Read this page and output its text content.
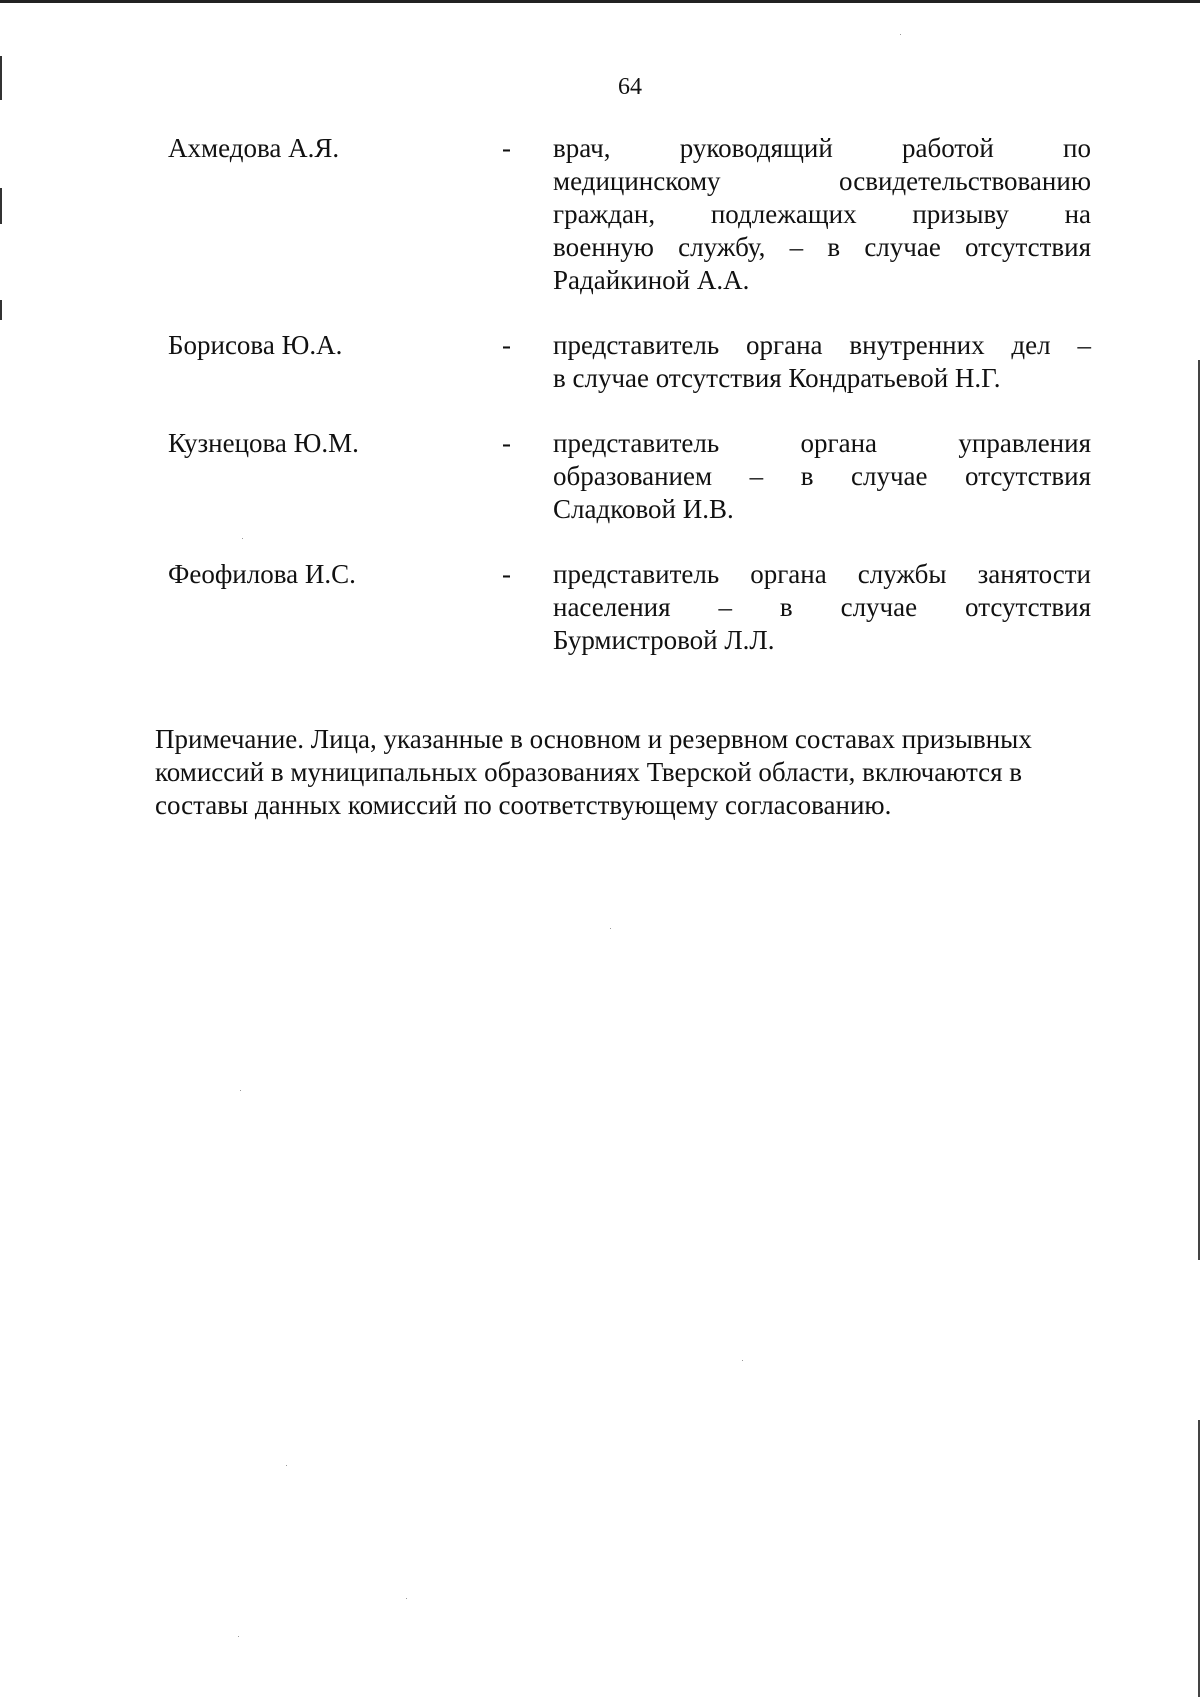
64
Ахмедова А.Я.	- врач, руководящий работой по
медицинскому освидетельствованию
граждан, подлежащих призыву на
военную службу, – в случае отсутствия
Радайкиной А.А.
Борисова Ю.А.	- представитель органа внутренних дел –
в случае отсутствия Кондратьевой Н.Г.
Кузнецова Ю.М.	- представитель органа управления
образованием – в случае отсутствия
Сладковой И.В.
Феофилова И.С.	- представитель органа службы занятости
населения – в случае отсутствия
Бурмистровой Л.Л.
Примечание. Лица, указанные в основном и резервном составах призывных
комиссий в муниципальных образованиях Тверской области, включаются в
составы данных комиссий по соответствующему согласованию.
